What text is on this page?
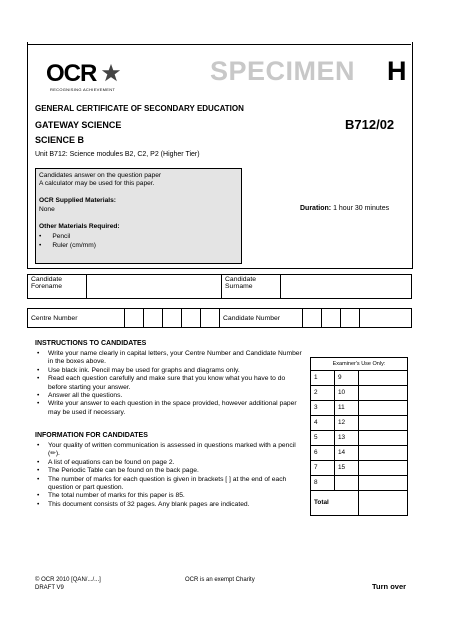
OCR
RECOGNISING ACHIEVEMENT
SPECIMEN H
GENERAL CERTIFICATE OF SECONDARY EDUCATION
GATEWAY SCIENCE
SCIENCE B
Unit B712: Science modules B2, C2, P2 (Higher Tier)
B712/02
Candidates answer on the question paper
A calculator may be used for this paper.
OCR Supplied Materials:
None
Other Materials Required:
• Pencil
• Ruler (cm/mm)
Duration: 1 hour 30 minutes
Candidate
Forename		Candidate
Surname	
Centre Number						Candidate Number				
INSTRUCTIONS TO CANDIDATES
• Write your name clearly in capital letters, your Centre Number and Candidate Number in the boxes above.
• Use black ink. Pencil may be used for graphs and diagrams only.
• Read each question carefully and make sure that you know what you have to do before starting your answer.
• Answer all the questions.
• Write your answer to each question in the space provided, however additional paper may be used if necessary.
INFORMATION FOR CANDIDATES
• Your quality of written communication is assessed in questions marked with a pencil (✏).
• A list of equations can be found on page 2.
• The Periodic Table can be found on the back page.
• The number of marks for each question is given in brackets [ ] at the end of each question or part question.
• The total number of marks for this paper is 85.
• This document consists of 32 pages. Any blank pages are indicated.
Examiner's Use Only:
1	9
2	10
3	11
4	12
5	13
6	14
7	15
8
Total
© OCR 2010 [QAN/.../...]
DRAFT V9
OCR is an exempt Charity
Turn over
